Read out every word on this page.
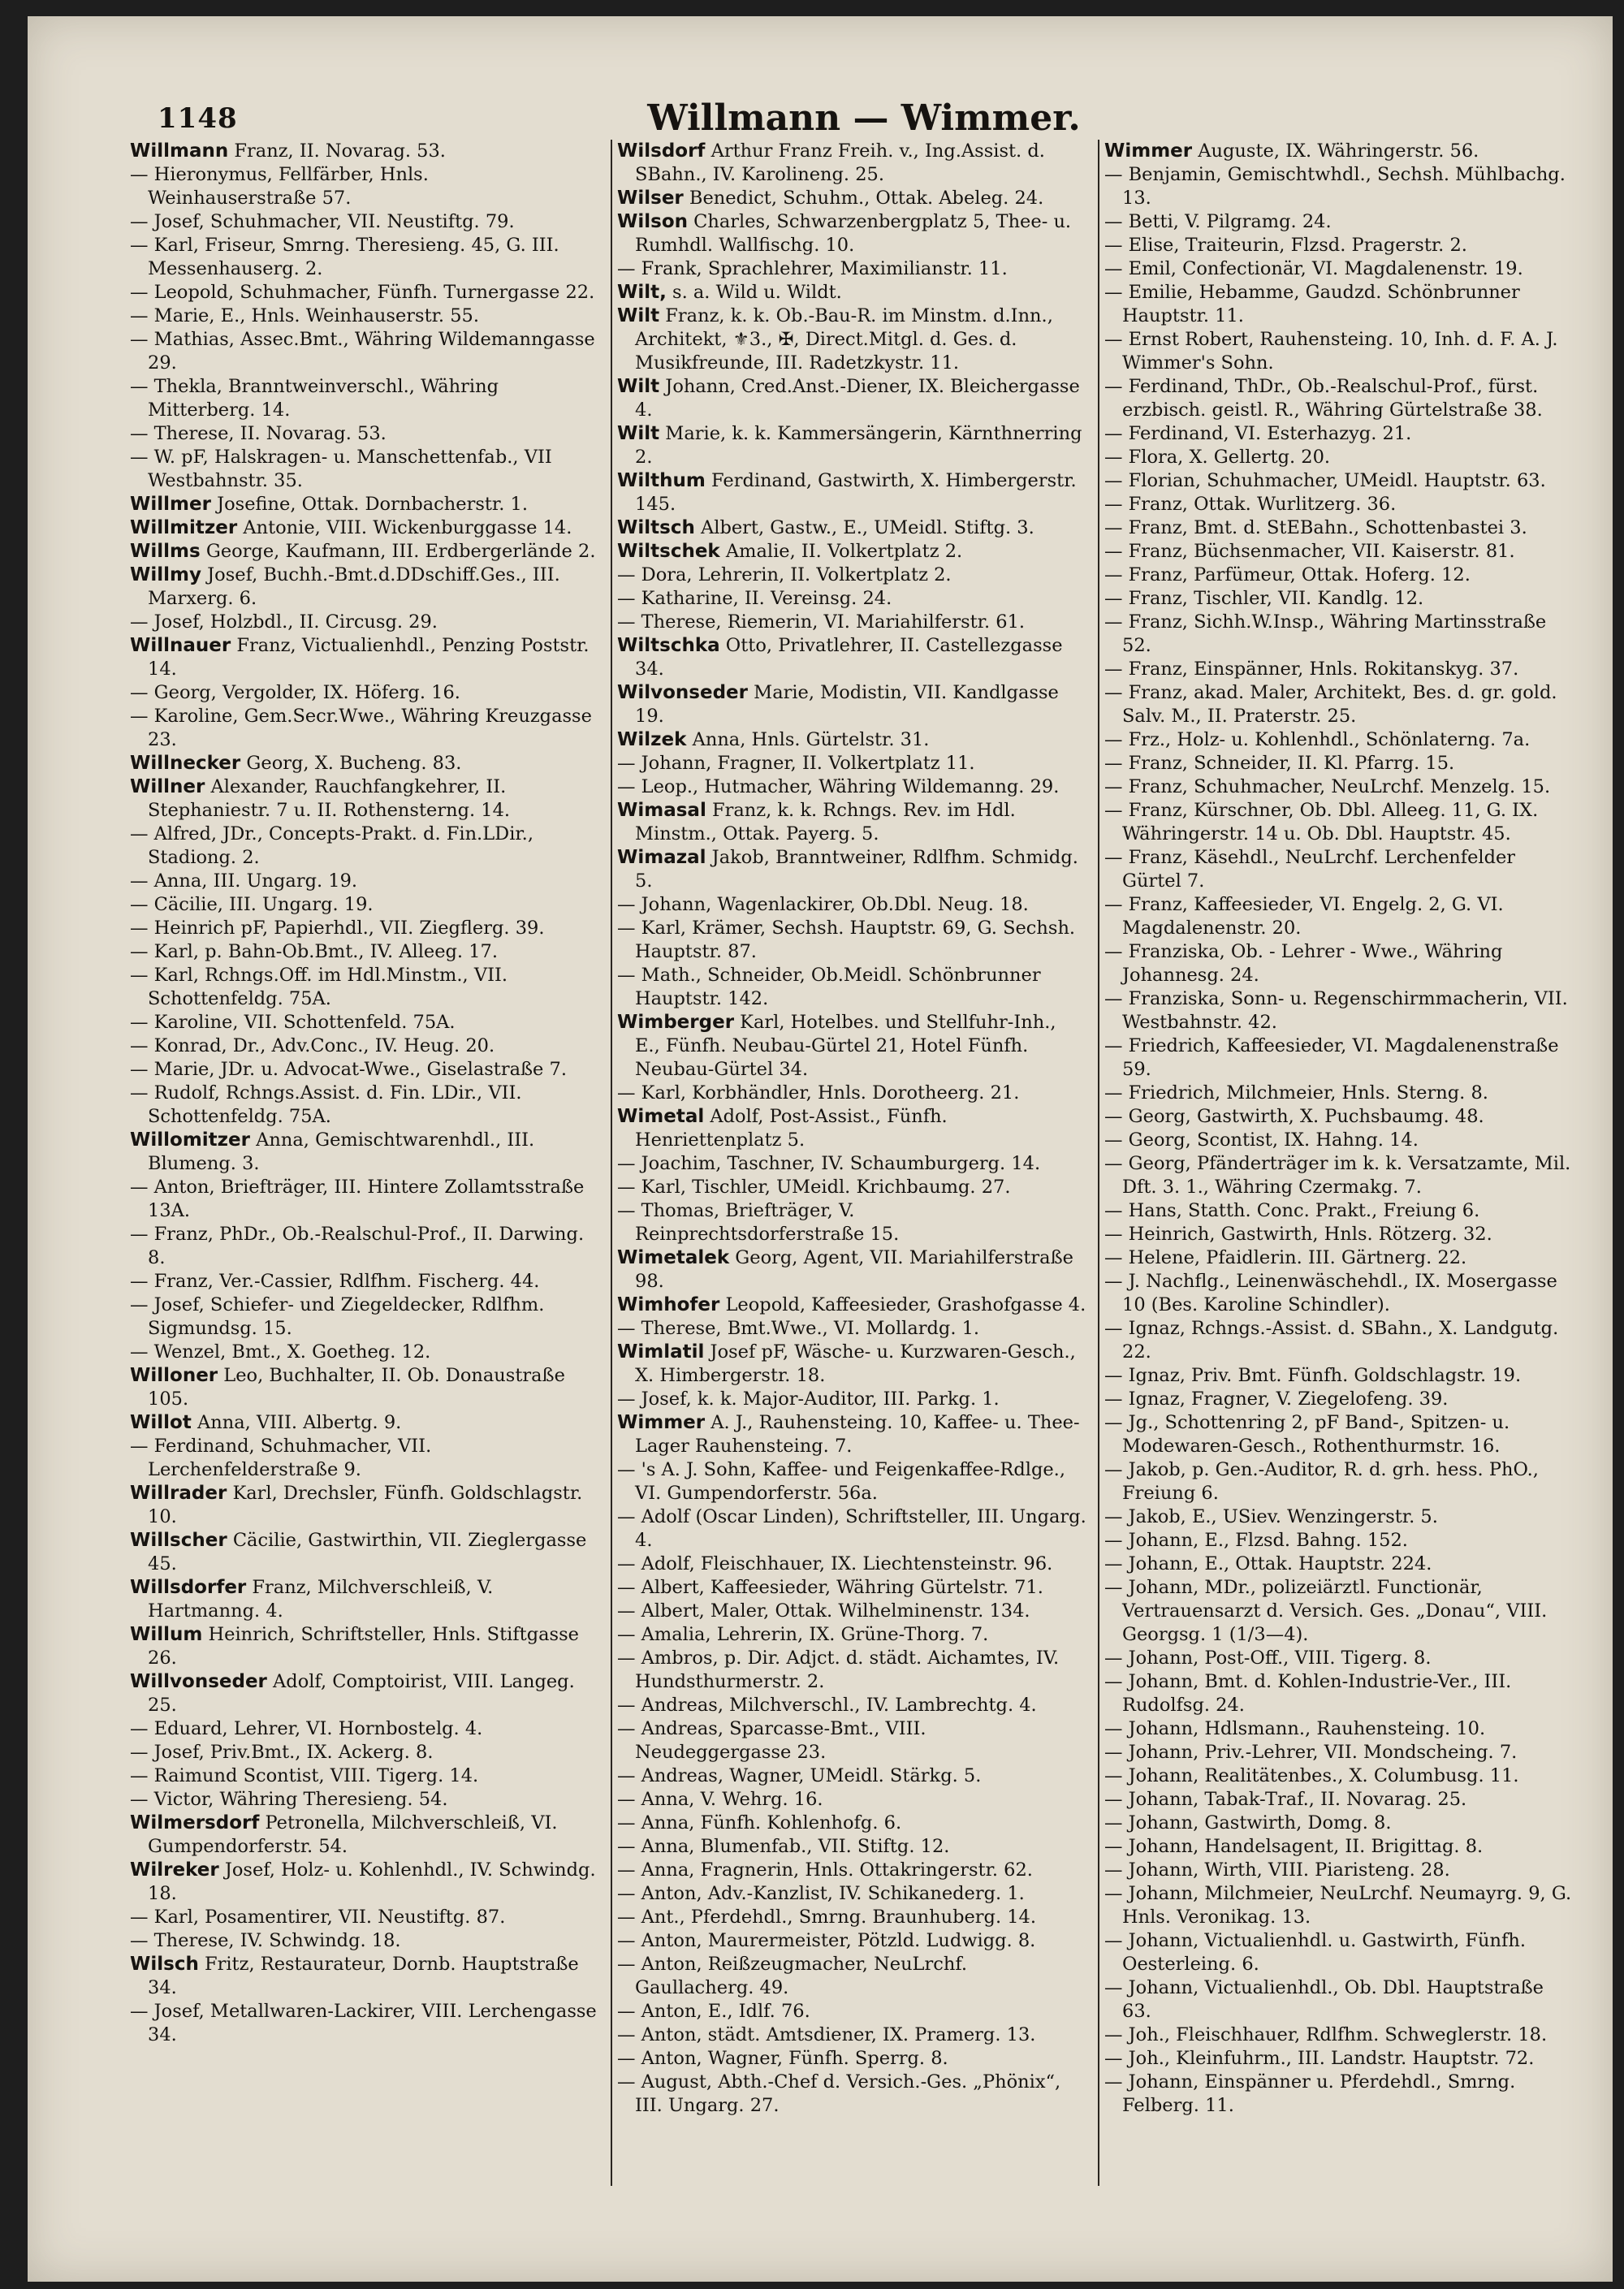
1148	Willmann — Wimmer.
Willmann Franz, II. Novarag. 53.
— Hieronymus, Fellfärber, Hnls. Weinhauserstraße 57.
— Josef, Schuhmacher, VII. Neustiftg. 79.
— Karl, Friseur, Smrng. Theresieng. 45, G. III. Messenhauserg. 2.
— Leopold, Schuhmacher, Fünfh. Turnergasse 22.
— Marie, E., Hnls. Weinhauserstr. 55.
— Mathias, Assec.Bmt., Währing Wildemanngasse 29.
— Thekla, Branntweinverschl., Währing Mitterberg. 14.
— Therese, II. Novarag. 53.
— W. pF, Halskragen- u. Manschettenfab., VII Westbahnstr. 35.
Willmer Josefine, Ottak. Dornbacherstr. 1.
Willmitzer Antonie, VIII. Wickenburggasse 14.
Willms George, Kaufmann, III. Erdbergerlände 2.
Willmy Josef, Buchh.-Bmt.d.DDschiff.Ges., III. Marxerg. 6.
— Josef, Holzbdl., II. Circusg. 29.
Willnauer Franz, Victualienhdl., Penzing Poststr. 14.
— Georg, Vergolder, IX. Höferg. 16.
— Karoline, Gem.Secr.Wwe., Währing Kreuzgasse 23.
Willnecker Georg, X. Bucheng. 83.
Willner Alexander, Rauchfangkehrer, II. Stephaniestr. 7 u. II. Rothensterng. 14.
— Alfred, JDr., Concepts-Prakt. d. Fin.LDir., Stadiong. 2.
— Anna, III. Ungarg. 19.
— Cäcilie, III. Ungarg. 19.
— Heinrich pF, Papierhdl., VII. Ziegflerg. 39.
— Karl, p. Bahn-Ob.Bmt., IV. Alleeg. 17.
— Karl, Rchngs.Off. im Hdl.Minstm., VII. Schottenfeldg. 75A.
— Karoline, VII. Schottenfeld. 75A.
— Konrad, Dr., Adv.Conc., IV. Heug. 20.
— Marie, JDr. u. Advocat-Wwe., Giselastraße 7.
— Rudolf, Rchngs.Assist. d. Fin. LDir., VII. Schottenfeldg. 75A.
Willomitzer Anna, Gemischtwarenhdl., III. Blumeng. 3.
— Anton, Briefträger, III. Hintere Zollamtsstraße 13A.
— Franz, PhDr., Ob.-Realschul-Prof., II. Darwing. 8.
— Franz, Ver.-Cassier, Rdlfhm. Fischerg. 44.
— Josef, Schiefer- und Ziegeldecker, Rdlfhm. Sigmundsg. 15.
— Wenzel, Bmt., X. Goetheg. 12.
Willoner Leo, Buchhalter, II. Ob. Donaustraße 105.
Willot Anna, VIII. Albertg. 9.
— Ferdinand, Schuhmacher, VII. Lerchenfelderstraße 9.
Willrader Karl, Drechsler, Fünfh. Goldschlagstr. 10.
Willscher Cäcilie, Gastwirthin, VII. Zieglergasse 45.
Willsdorfer Franz, Milchverschleiß, V. Hartmanng. 4.
Willum Heinrich, Schriftsteller, Hnls. Stiftgasse 26.
Willvonseder Adolf, Comptoirist, VIII. Langeg. 25.
— Eduard, Lehrer, VI. Hornbostelg. 4.
— Josef, Priv.Bmt., IX. Ackerg. 8.
— Raimund Scontist, VIII. Tigerg. 14.
— Victor, Währing Theresieng. 54.
Wilmersdorf Petronella, Milchverschleiß, VI. Gumpendorferstr. 54.
Wilreker Josef, Holz- u. Kohlenhdl., IV. Schwindg. 18.
— Karl, Posamentirer, VII. Neustiftg. 87.
— Therese, IV. Schwindg. 18.
Wilsch Fritz, Restaurateur, Dornb. Hauptstraße 34.
— Josef, Metallwaren-Lackirer, VIII. Lerchengasse 34.
Wilsdorf Arthur Franz Freih. v., Ing.Assist. d. SBahn., IV. Karolineng. 25.
Wilser Benedict, Schuhm., Ottak. Abeleg. 24.
Wilson Charles, Schwarzenbergplatz 5, Thee- u. Rumhdl. Wallfischg. 10.
— Frank, Sprachlehrer, Maximilianstr. 11.
Wilt, s. a. Wild u. Wildt.
Wilt Franz, k. k. Ob.-Bau-R. im Minstm. d.Inn., Architekt, ⚜3., ✠, Direct.Mitgl. d. Ges. d. Musikfreunde, III. Radetzkystr. 11.
Wilt Johann, Cred.Anst.-Diener, IX. Bleichergasse 4.
Wilt Marie, k. k. Kammersängerin, Kärnthnerring 2.
Wilthum Ferdinand, Gastwirth, X. Himbergerstr. 145.
Wiltsch Albert, Gastw., E., UMeidl. Stiftg. 3.
Wiltschek Amalie, II. Volkertplatz 2.
— Dora, Lehrerin, II. Volkertplatz 2.
— Katharine, II. Vereinsg. 24.
— Therese, Riemerin, VI. Mariahilferstr. 61.
Wiltschka Otto, Privatlehrer, II. Castellezgasse 34.
Wilvonseder Marie, Modistin, VII. Kandlgasse 19.
Wilzek Anna, Hnls. Gürtelstr. 31.
— Johann, Fragner, II. Volkertplatz 11.
— Leop., Hutmacher, Währing Wildemanng. 29.
Wimasal Franz, k. k. Rchngs. Rev. im Hdl. Minstm., Ottak. Payerg. 5.
Wimazal Jakob, Branntweiner, Rdlfhm. Schmidg. 5.
— Johann, Wagenlackirer, Ob.Dbl. Neug. 18.
— Karl, Krämer, Sechsh. Hauptstr. 69, G. Sechsh. Hauptstr. 87.
— Math., Schneider, Ob.Meidl. Schönbrunner Hauptstr. 142.
Wimberger Karl, Hotelbes. und Stellfuhr-Inh., E., Fünfh. Neubau-Gürtel 21, Hotel Fünfh. Neubau-Gürtel 34.
— Karl, Korbhändler, Hnls. Dorotheerg. 21.
Wimetal Adolf, Post-Assist., Fünfh. Henriettenplatz 5.
— Joachim, Taschner, IV. Schaumburgerg. 14.
— Karl, Tischler, UMeidl. Krichbaumg. 27.
— Thomas, Briefträger, V. Reinprechtsdorferstraße 15.
Wimetalek Georg, Agent, VII. Mariahilferstraße 98.
Wimhofer Leopold, Kaffeesieder, Grashofgasse 4.
— Therese, Bmt.Wwe., VI. Mollardg. 1.
Wimlatil Josef pF, Wäsche- u. Kurzwaren-Gesch., X. Himbergerstr. 18.
— Josef, k. k. Major-Auditor, III. Parkg. 1.
Wimmer A. J., Rauhensteing. 10, Kaffee- u. Thee-Lager Rauhensteing. 7.
— 's A. J. Sohn, Kaffee- und Feigenkaffee-Rdlge., VI. Gumpendorferstr. 56a.
— Adolf (Oscar Linden), Schriftsteller, III. Ungarg. 4.
— Adolf, Fleischhauer, IX. Liechtensteinstr. 96.
— Albert, Kaffeesieder, Währing Gürtelstr. 71.
— Albert, Maler, Ottak. Wilhelminenstr. 134.
— Amalia, Lehrerin, IX. Grüne-Thorg. 7.
— Ambros, p. Dir. Adjct. d. städt. Aichamtes, IV. Hundsthurmerstr. 2.
— Andreas, Milchverschl., IV. Lambrechtg. 4.
— Andreas, Sparcasse-Bmt., VIII. Neudeggergasse 23.
— Andreas, Wagner, UMeidl. Stärkg. 5.
— Anna, V. Wehrg. 16.
— Anna, Fünfh. Kohlenhofg. 6.
— Anna, Blumenfab., VII. Stiftg. 12.
— Anna, Fragnerin, Hnls. Ottakringerstr. 62.
— Anton, Adv.-Kanzlist, IV. Schikanederg. 1.
— Ant., Pferdehdl., Smrng. Braunhuberg. 14.
— Anton, Maurermeister, Pötzld. Ludwigg. 8.
— Anton, Reißzeugmacher, NeuLrchf. Gaullacherg. 49.
— Anton, E., Idlf. 76.
— Anton, städt. Amtsdiener, IX. Pramerg. 13.
— Anton, Wagner, Fünfh. Sperrg. 8.
— August, Abth.-Chef d. Versich.-Ges. „Phönix“, III. Ungarg. 27.
Wimmer Auguste, IX. Währingerstr. 56.
— Benjamin, Gemischtwhdl., Sechsh. Mühlbachg. 13.
— Betti, V. Pilgramg. 24.
— Elise, Traiteurin, Flzsd. Pragerstr. 2.
— Emil, Confectionär, VI. Magdalenenstr. 19.
— Emilie, Hebamme, Gaudzd. Schönbrunner Hauptstr. 11.
— Ernst Robert, Rauhensteing. 10, Inh. d. F. A. J. Wimmer's Sohn.
— Ferdinand, ThDr., Ob.-Realschul-Prof., fürst. erzbisch. geistl. R., Währing Gürtelstraße 38.
— Ferdinand, VI. Esterhazyg. 21.
— Flora, X. Gellertg. 20.
— Florian, Schuhmacher, UMeidl. Hauptstr. 63.
— Franz, Ottak. Wurlitzerg. 36.
— Franz, Bmt. d. StEBahn., Schottenbastei 3.
— Franz, Büchsenmacher, VII. Kaiserstr. 81.
— Franz, Parfümeur, Ottak. Hoferg. 12.
— Franz, Tischler, VII. Kandlg. 12.
— Franz, Sichh.W.Insp., Währing Martinsstraße 52.
— Franz, Einspänner, Hnls. Rokitanskyg. 37.
— Franz, akad. Maler, Architekt, Bes. d. gr. gold. Salv. M., II. Praterstr. 25.
— Frz., Holz- u. Kohlenhdl., Schönlaterng. 7a.
— Franz, Schneider, II. Kl. Pfarrg. 15.
— Franz, Schuhmacher, NeuLrchf. Menzelg. 15.
— Franz, Kürschner, Ob. Dbl. Alleeg. 11, G. IX. Währingerstr. 14 u. Ob. Dbl. Hauptstr. 45.
— Franz, Käsehdl., NeuLrchf. Lerchenfelder Gürtel 7.
— Franz, Kaffeesieder, VI. Engelg. 2, G. VI. Magdalenenstr. 20.
— Franziska, Ob. - Lehrer - Wwe., Währing Johannesg. 24.
— Franziska, Sonn- u. Regenschirmmacherin, VII. Westbahnstr. 42.
— Friedrich, Kaffeesieder, VI. Magdalenenstraße 59.
— Friedrich, Milchmeier, Hnls. Sterng. 8.
— Georg, Gastwirth, X. Puchsbaumg. 48.
— Georg, Scontist, IX. Hahng. 14.
— Georg, Pfänderträger im k. k. Versatzamte, Mil. Dft. 3. 1., Währing Czermakg. 7.
— Hans, Statth. Conc. Prakt., Freiung 6.
— Heinrich, Gastwirth, Hnls. Rötzerg. 32.
— Helene, Pfaidlerin. III. Gärtnerg. 22.
— J. Nachflg., Leinenwäschehdl., IX. Mosergasse 10 (Bes. Karoline Schindler).
— Ignaz, Rchngs.-Assist. d. SBahn., X. Landgutg. 22.
— Ignaz, Priv. Bmt. Fünfh. Goldschlagstr. 19.
— Ignaz, Fragner, V. Ziegelofeng. 39.
— Jg., Schottenring 2, pF Band-, Spitzen- u. Modewaren-Gesch., Rothenthurmstr. 16.
— Jakob, p. Gen.-Auditor, R. d. grh. hess. PhO., Freiung 6.
— Jakob, E., USiev. Wenzingerstr. 5.
— Johann, E., Flzsd. Bahng. 152.
— Johann, E., Ottak. Hauptstr. 224.
— Johann, MDr., polizeiärztl. Functionär, Vertrauensarzt d. Versich. Ges. „Donau“, VIII. Georgsg. 1 (1/3—4).
— Johann, Post-Off., VIII. Tigerg. 8.
— Johann, Bmt. d. Kohlen-Industrie-Ver., III. Rudolfsg. 24.
— Johann, Hdlsmann., Rauhensteing. 10.
— Johann, Priv.-Lehrer, VII. Mondscheing. 7.
— Johann, Realitätenbes., X. Columbusg. 11.
— Johann, Tabak-Traf., II. Novarag. 25.
— Johann, Gastwirth, Domg. 8.
— Johann, Handelsagent, II. Brigittag. 8.
— Johann, Wirth, VIII. Piaristeng. 28.
— Johann, Milchmeier, NeuLrchf. Neumayrg. 9, G. Hnls. Veronikag. 13.
— Johann, Victualienhdl. u. Gastwirth, Fünfh. Oesterleing. 6.
— Johann, Victualienhdl., Ob. Dbl. Hauptstraße 63.
— Joh., Fleischhauer, Rdlfhm. Schweglerstr. 18.
— Joh., Kleinfuhrm., III. Landstr. Hauptstr. 72.
— Johann, Einspänner u. Pferdehdl., Smrng. Felberg. 11.
